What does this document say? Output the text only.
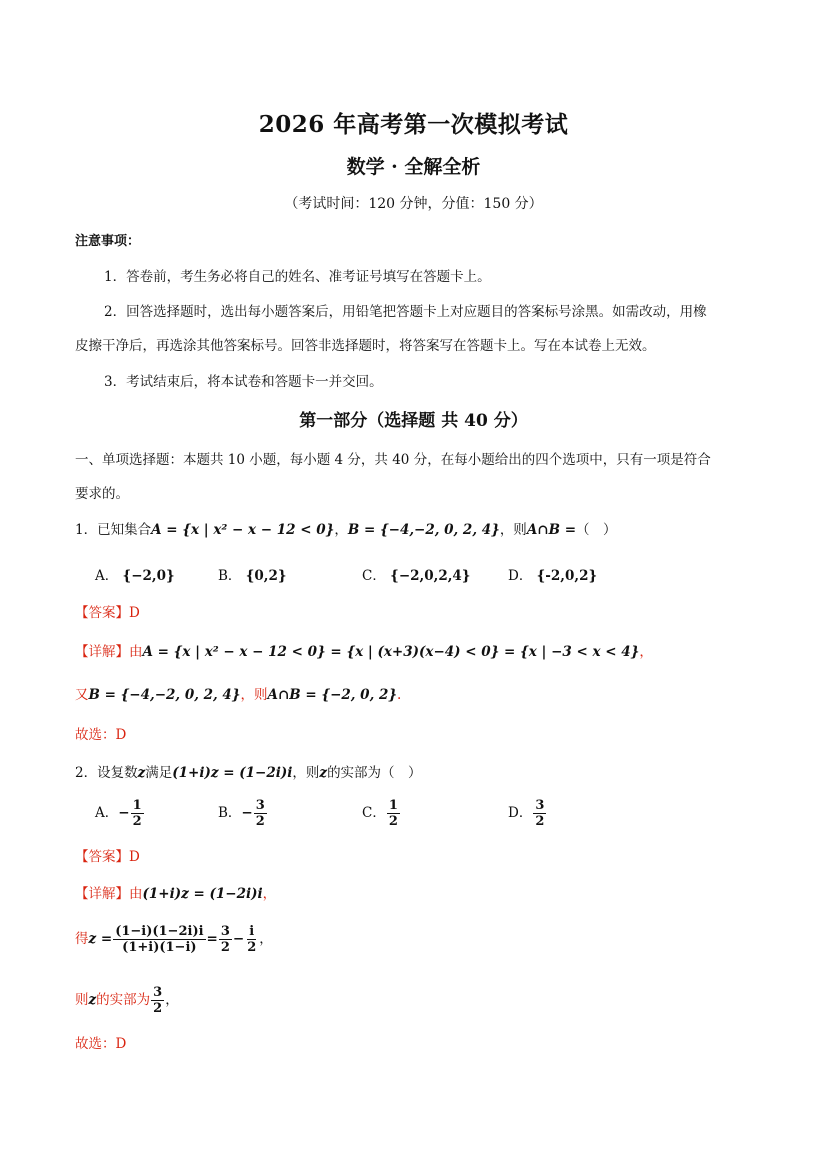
2026 年高考第一次模拟考试
数学 · 全解全析
（考试时间：120 分钟，分值：150 分）
注意事项：
1．答卷前，考生务必将自己的姓名、准考证号填写在答题卡上。
2．回答选择题时，选出每小题答案后，用铅笔把答题卡上对应题目的答案标号涂黑。如需改动，用橡
皮擦干净后，再选涂其他答案标号。回答非选择题时，将答案写在答题卡上。写在本试卷上无效。
3．考试结束后，将本试卷和答题卡一并交回。
第一部分（选择题 共 40 分）
一、单项选择题：本题共 10 小题，每小题 4 分，共 40 分，在每小题给出的四个选项中，只有一项是符合
要求的。
1．已知集合A = {x | x² − x − 12 < 0}，B = {−4,−2, 0, 2, 4}，则A∩B =（　）
A． {−2,0}	B． {0,2}	C． {−2,0,2,4}	D． {-2,0,2}
【答案】D
【详解】由A = {x | x² − x − 12 < 0} = {x | (x+3)(x−4) < 0} = {x | −3 < x < 4}，
又B = {−4,−2, 0, 2, 4}，则A∩B = {−2, 0, 2}.
故选：D
2．设复数z满足(1+i)z = (1−2i)i，则z的实部为（　）
A．− $\frac{1}{2}$	B．− $\frac{3}{2}$	C． $\frac{1}{2}$	D． $\frac{3}{2}$
【答案】D
【详解】由(1+i)z = (1−2i)i，
得$z = \frac{(1-i)(1-2i)i}{(1+i)(1-i)} = \frac{3}{2} - \frac{i}{2}$ ，
则z的实部为 $\frac{3}{2}$ ，
故选：D
